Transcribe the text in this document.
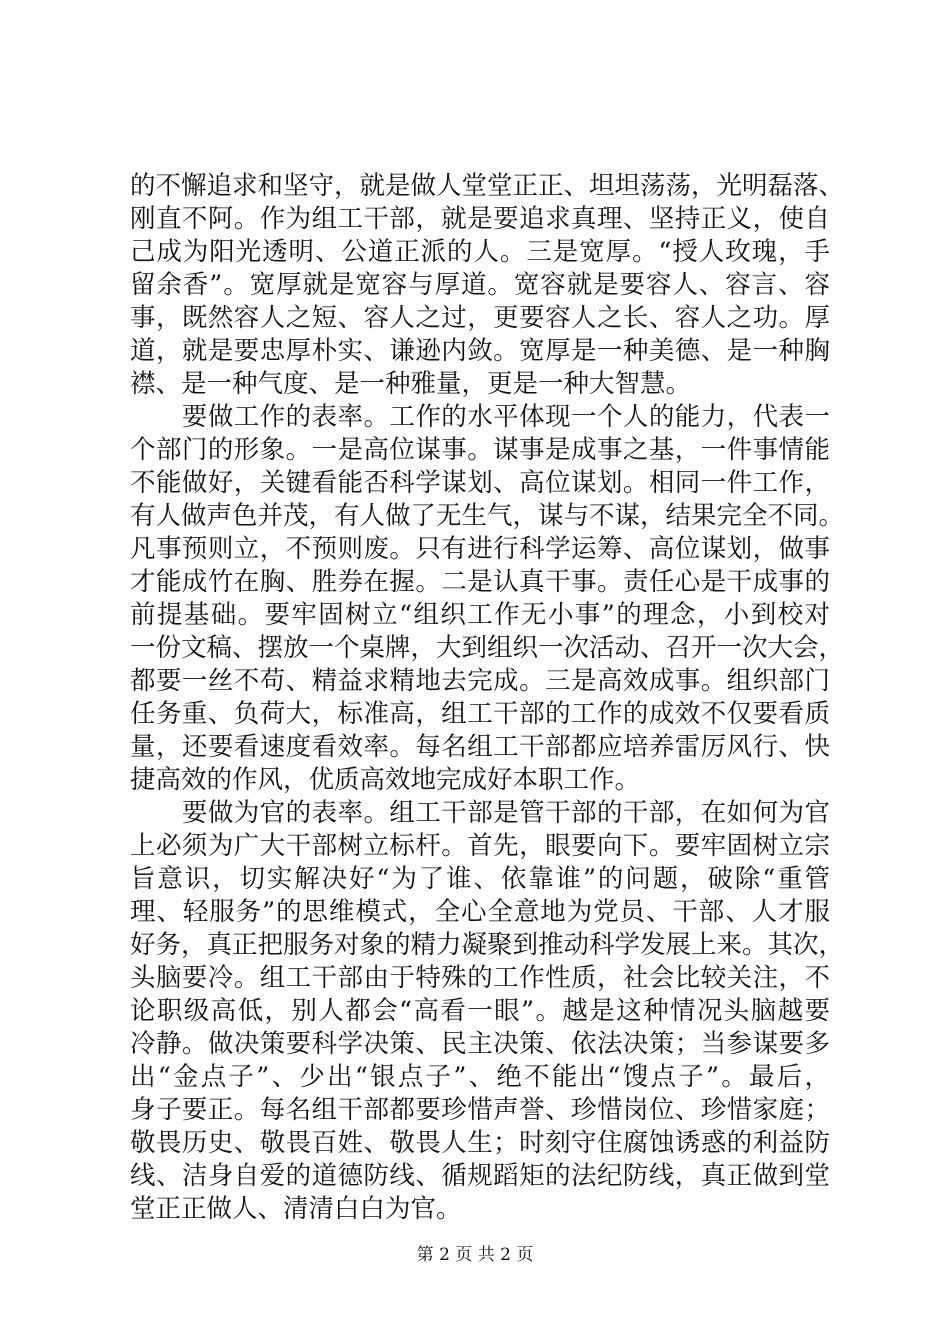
的不懈追求和坚守，就是做人堂堂正正、坦坦荡荡，光明磊落、
刚直不阿。作为组工干部，就是要追求真理、坚持正义，使自
己成为阳光透明、公道正派的人。三是宽厚。“授人玫瑰，手
留余香”。宽厚就是宽容与厚道。宽容就是要容人、容言、容
事，既然容人之短、容人之过，更要容人之长、容人之功。厚
道，就是要忠厚朴实、谦逊内敛。宽厚是一种美德、是一种胸
襟、是一种气度、是一种雅量，更是一种大智慧。
　　要做工作的表率。工作的水平体现一个人的能力，代表一
个部门的形象。一是高位谋事。谋事是成事之基，一件事情能
不能做好，关键看能否科学谋划、高位谋划。相同一件工作，
有人做声色并茂，有人做了无生气，谋与不谋，结果完全不同。
凡事预则立，不预则废。只有进行科学运筹、高位谋划，做事
才能成竹在胸、胜券在握。二是认真干事。责任心是干成事的
前提基础。要牢固树立“组织工作无小事”的理念，小到校对
一份文稿、摆放一个桌牌，大到组织一次活动、召开一次大会，
都要一丝不苟、精益求精地去完成。三是高效成事。组织部门
任务重、负荷大，标准高，组工干部的工作的成效不仅要看质
量，还要看速度看效率。每名组工干部都应培养雷厉风行、快
捷高效的作风，优质高效地完成好本职工作。
　　要做为官的表率。组工干部是管干部的干部，在如何为官
上必须为广大干部树立标杆。首先，眼要向下。要牢固树立宗
旨意识，切实解决好“为了谁、依靠谁”的问题，破除“重管
理、轻服务”的思维模式，全心全意地为党员、干部、人才服
好务，真正把服务对象的精力凝聚到推动科学发展上来。其次，
头脑要冷。组工干部由于特殊的工作性质，社会比较关注，不
论职级高低，别人都会“高看一眼”。越是这种情况头脑越要
冷静。做决策要科学决策、民主决策、依法决策；当参谋要多
出“金点子”、少出“银点子”、绝不能出“馊点子”。最后，
身子要正。每名组干部都要珍惜声誉、珍惜岗位、珍惜家庭；
敬畏历史、敬畏百姓、敬畏人生；时刻守住腐蚀诱惑的利益防
线、洁身自爱的道德防线、循规蹈矩的法纪防线，真正做到堂
堂正正做人、清清白白为官。
第 2 页 共 2 页
